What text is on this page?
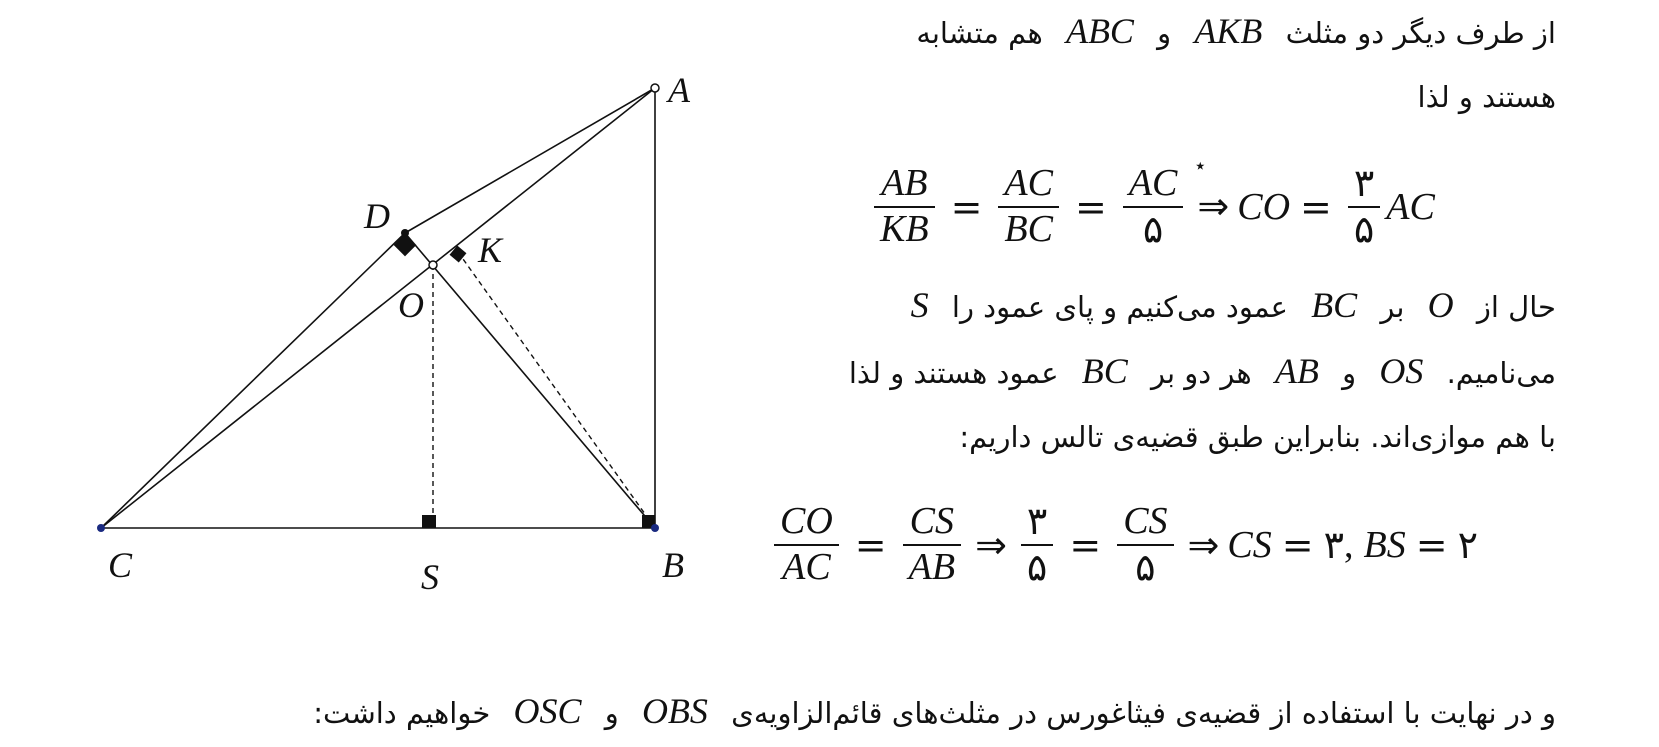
A
D
K
O
C	S	B
از طرف دیگر دو مثلث AKB و ABC هم متشابه
هستند و لذا
$\frac{AB}{KB} = \frac{AC}{BC} = \frac{AC}{۵}$ ⋆
⇒ CO = $\frac{۳}{۵}$ AC
حال از O بر BC عمود می‌کنیم و پای عمود را S
می‌نامیم. OS و AB هر دو بر BC عمود هستند و لذا
با هم موازی‌اند. بنابراین طبق قضیه‌ی تالس داریم:
$\frac{CO}{AC} = \frac{CS}{AB}$ ⇒ $\frac{۳}{۵} = \frac{CS}{۵}$ ⇒ CS = ۳ , BS = ۲
و در نهایت با استفاده از قضیه‌ی فیثاغورس در مثلث‌های قائم‌الزاویه‌ی OBS و OSC خواهیم داشت:
